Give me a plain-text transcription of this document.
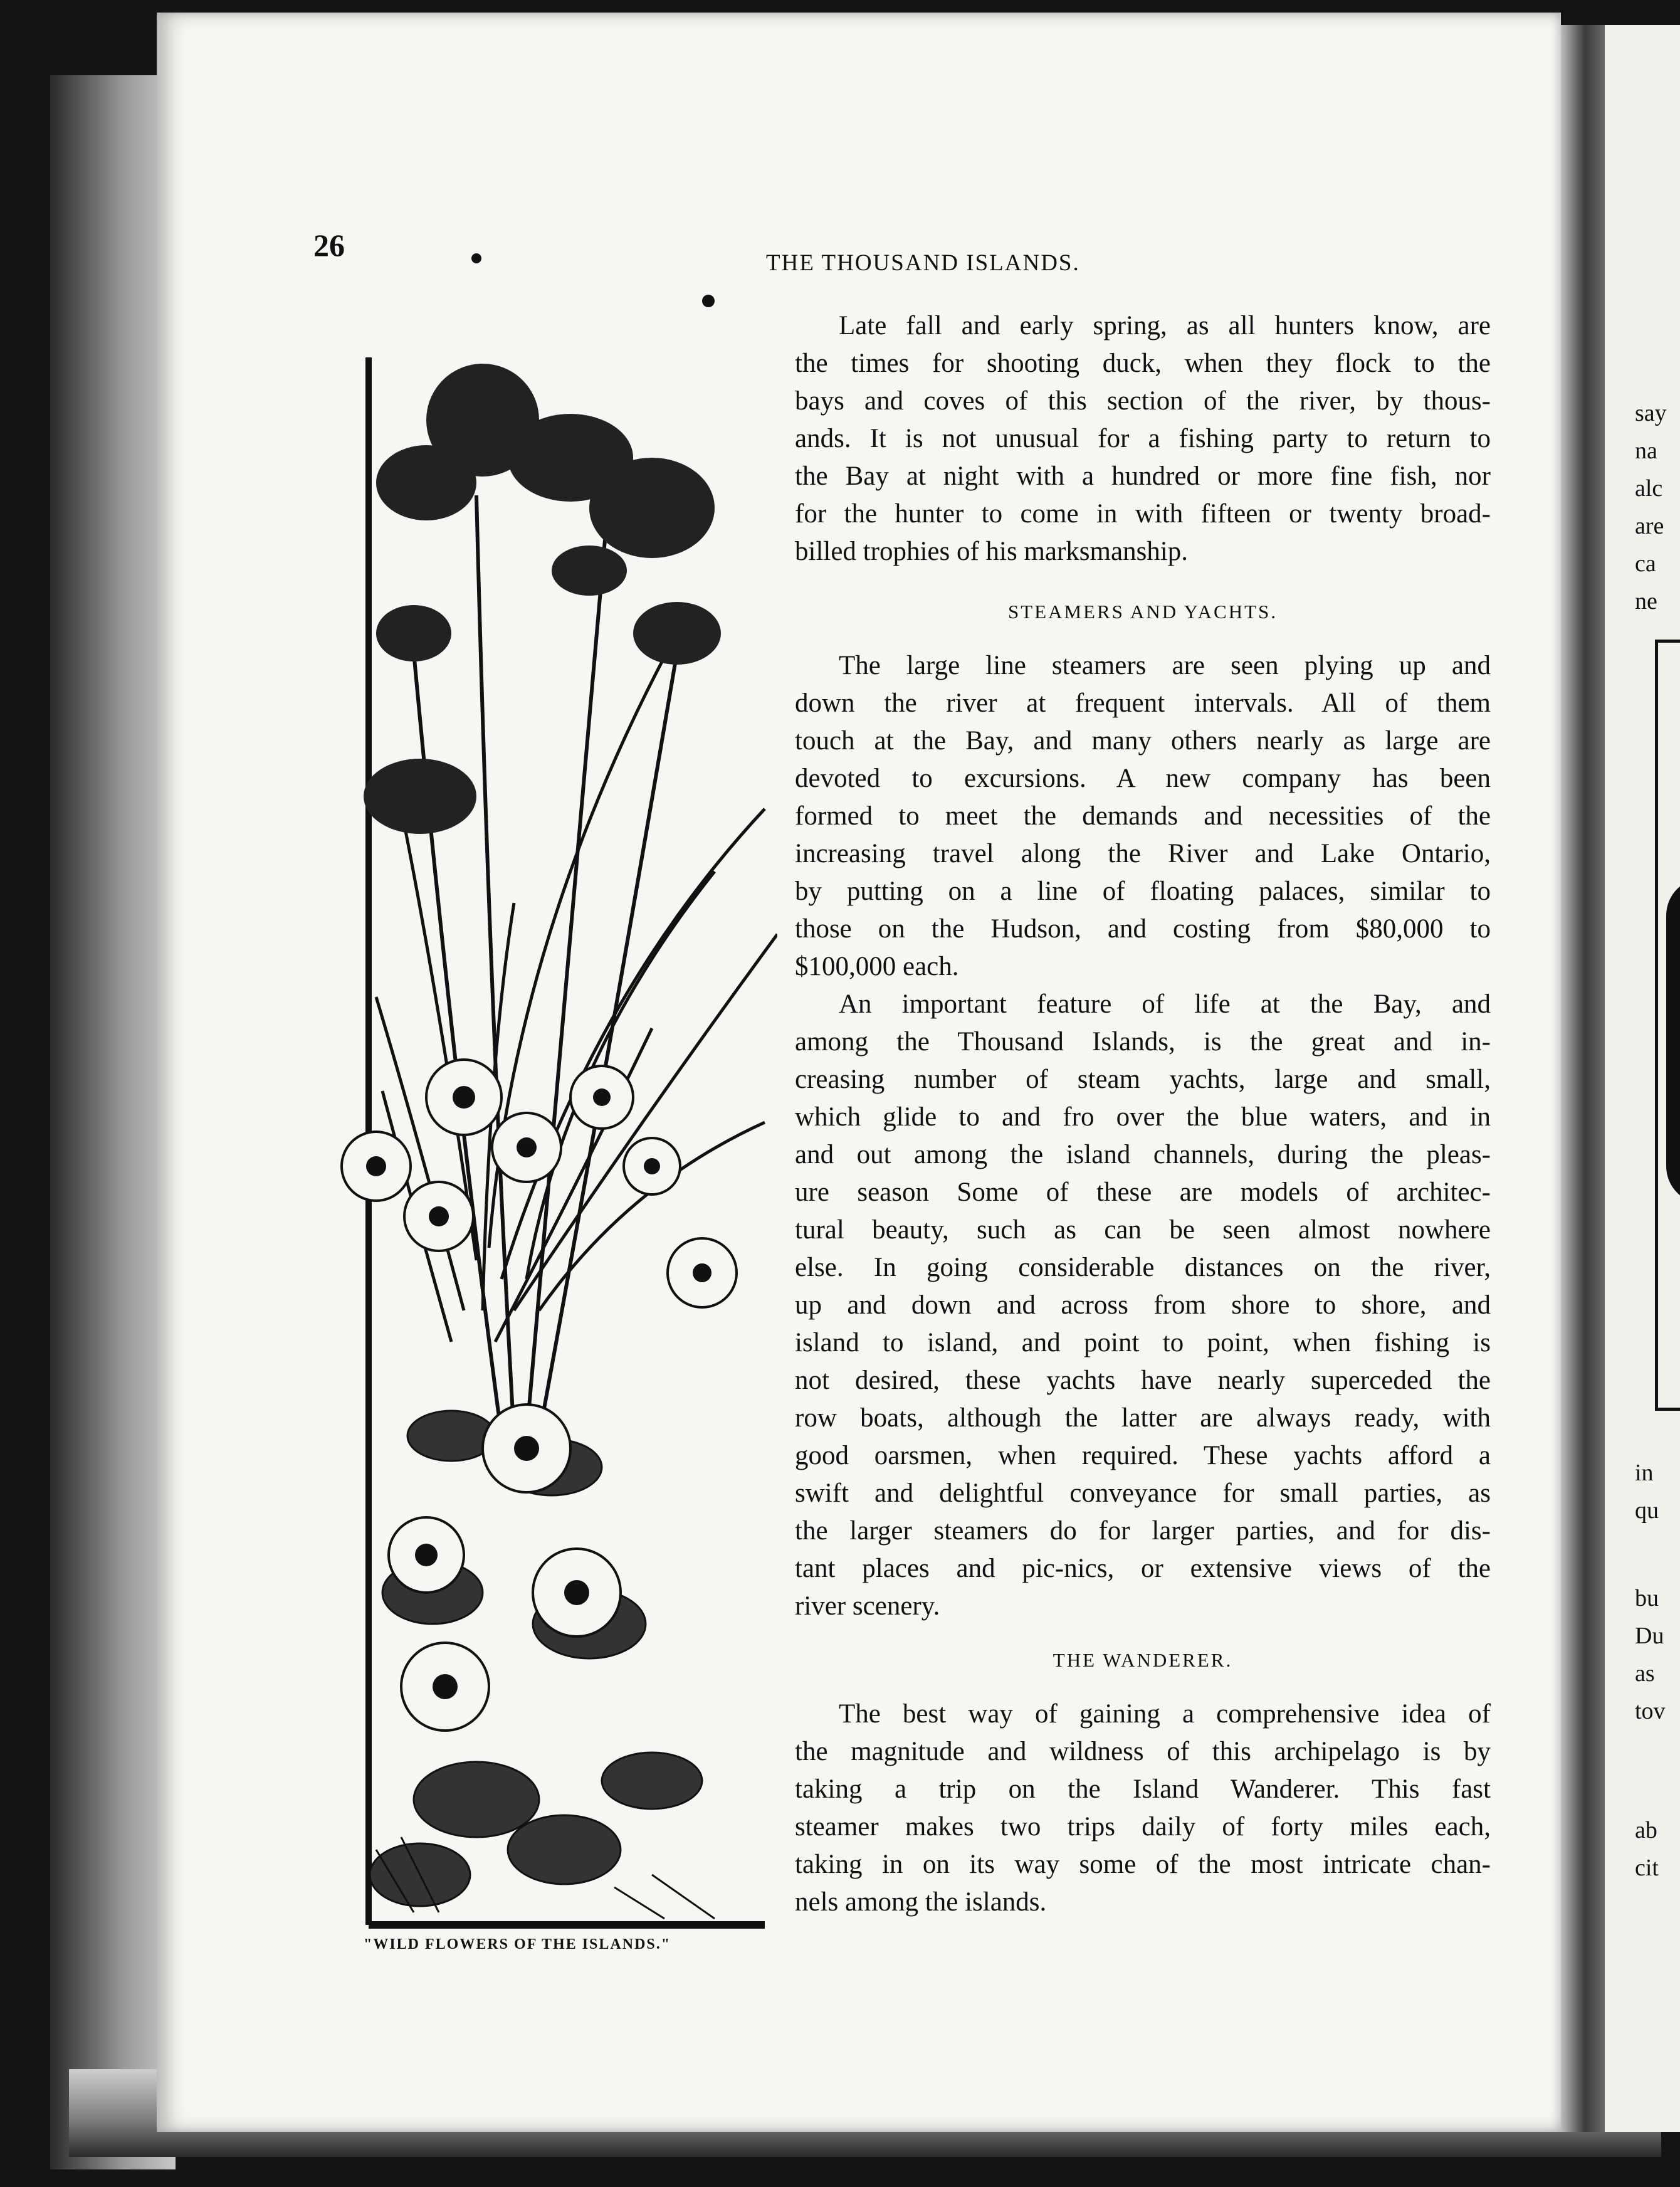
say
na
alc
are
ca
ne
in
qu
bu
Du
as
tov
ab
cit
26
THE THOUSAND ISLANDS.
"WILD FLOWERS OF THE ISLANDS."
Late fall and early spring, as all hunters know, are
the times for shooting duck, when they flock to the
bays and coves of this section of the river, by thous-
ands. It is not unusual for a fishing party to return to
the Bay at night with a hundred or more fine fish, nor
for the hunter to come in with fifteen or twenty broad-
billed trophies of his marksmanship.
STEAMERS AND YACHTS.
The large line steamers are seen plying up and
down the river at frequent intervals. All of them
touch at the Bay, and many others nearly as large are
devoted to excursions. A new company has been
formed to meet the demands and necessities of the
increasing travel along the River and Lake Ontario,
by putting on a line of floating palaces, similar to
those on the Hudson, and costing from $80,000 to
$100,000 each.
An important feature of life at the Bay, and
among the Thousand Islands, is the great and in-
creasing number of steam yachts, large and small,
which glide to and fro over the blue waters, and in
and out among the island channels, during the pleas-
ure season Some of these are models of architec-
tural beauty, such as can be seen almost nowhere
else. In going considerable distances on the river,
up and down and across from shore to shore, and
island to island, and point to point, when fishing is
not desired, these yachts have nearly superceded the
row boats, although the latter are always ready, with
good oarsmen, when required. These yachts afford a
swift and delightful conveyance for small parties, as
the larger steamers do for larger parties, and for dis-
tant places and pic-nics, or extensive views of the
river scenery.
THE WANDERER.
The best way of gaining a comprehensive idea of
the magnitude and wildness of this archipelago is by
taking a trip on the Island Wanderer. This fast
steamer makes two trips daily of forty miles each,
taking in on its way some of the most intricate chan-
nels among the islands.
